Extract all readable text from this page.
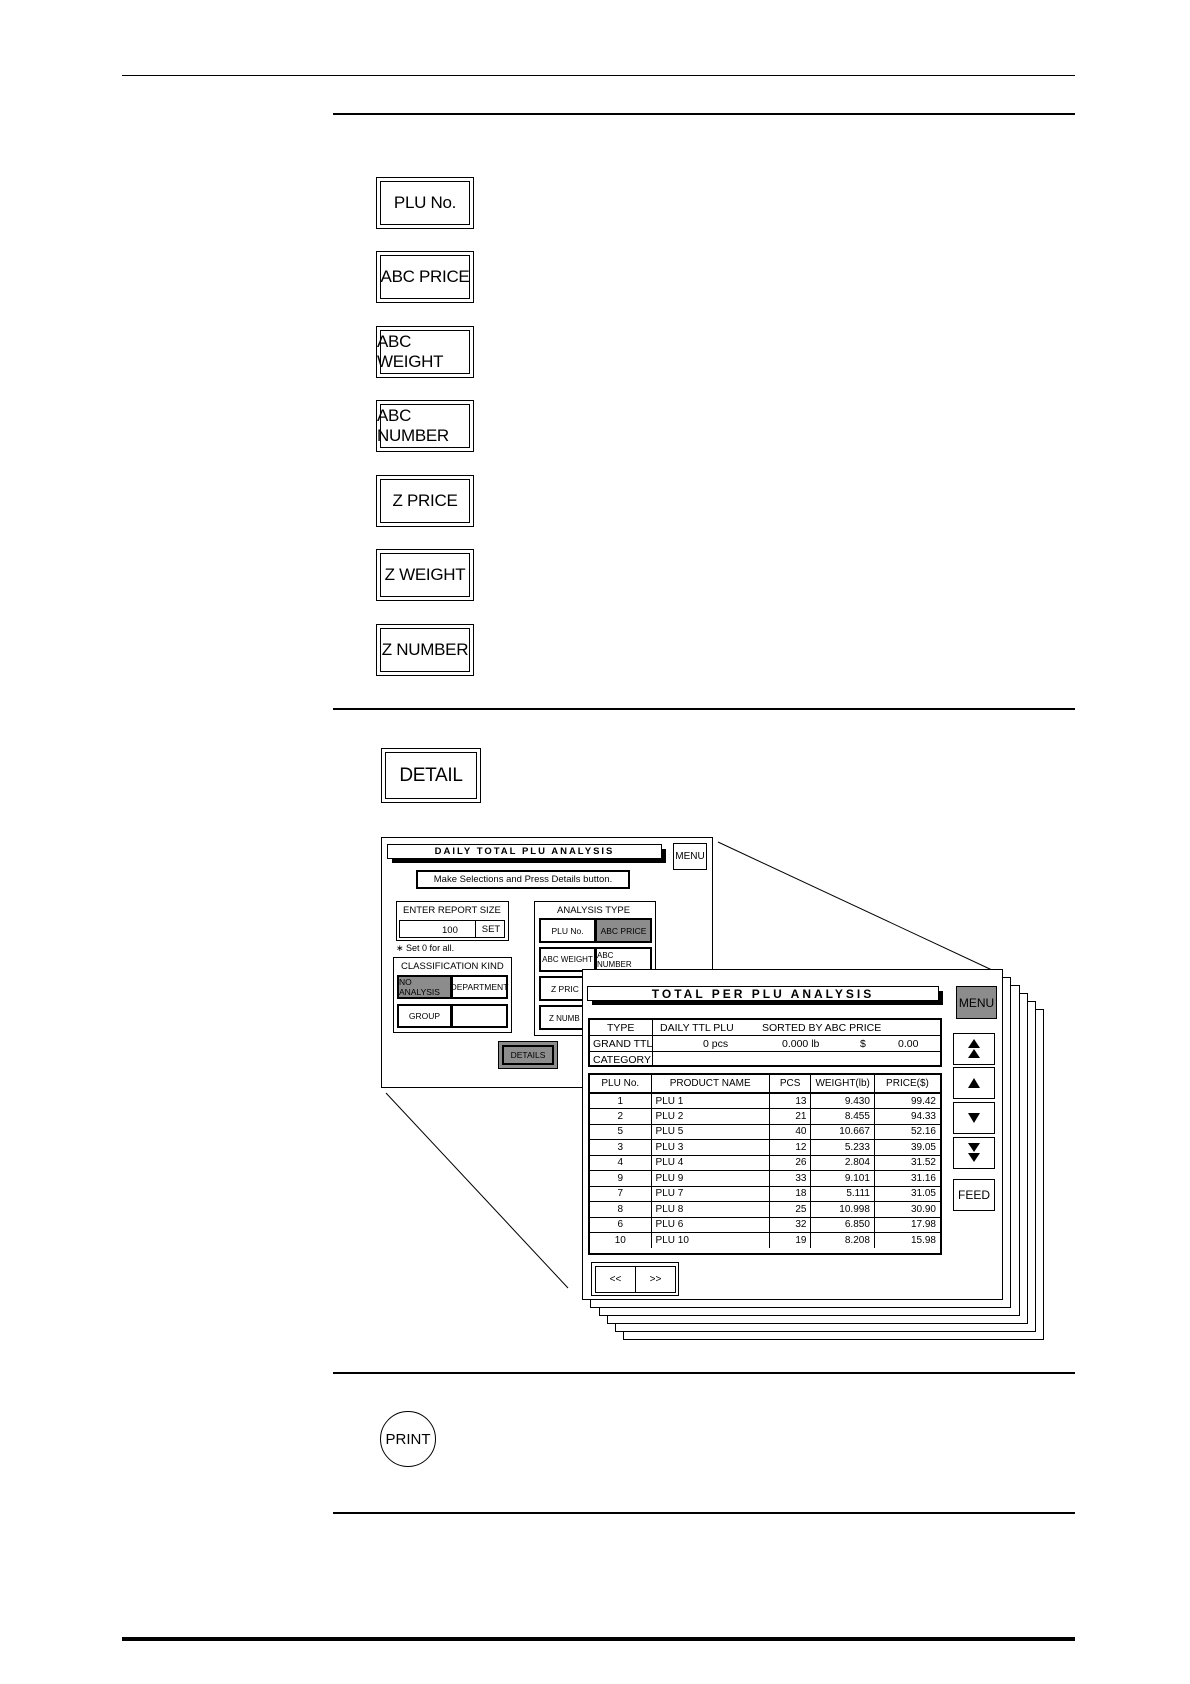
PLU No.
ABC PRICE
ABC WEIGHT
ABC NUMBER
Z PRICE
Z WEIGHT
Z NUMBER
DETAIL
DAILY TOTAL PLU ANALYSIS	MENU
Make Selections and Press Details button.
ENTER REPORT SIZE
100	SET
∗ Set 0 for all.
CLASSIFICATION KIND
NO ANALYSIS	DEPARTMENT
GROUP
ANALYSIS TYPE
PLU No. ABC PRICE
ABC WEIGHT ABC NUMBER
Z PRIC
Z NUMB
DETAILS
TOTAL PER PLU ANALYSIS
MENU
TYPE DAILY TTL PLU	SORTED BY ABC PRICE
GRAND TTL	0 pcs	0.000 lb	$	0.00
CATEGORY
PLU No.	PRODUCT NAME	PCS	WEIGHT(lb)	PRICE($)
1	PLU 1	13	9.430	99.42
2	PLU 2	21	8.455	94.33
5	PLU 5	40	10.667	52.16
3	PLU 3	12	5.233	39.05
4	PLU 4	26	2.804	31.52
9	PLU 9	33	9.101	31.16
7	PLU 7	18	5.111	31.05
8	PLU 8	25	10.998	30.90
6	PLU 6	32	6.850	17.98
10	PLU 10	19	8.208	15.98
<<	>>
FEED
PRINT
